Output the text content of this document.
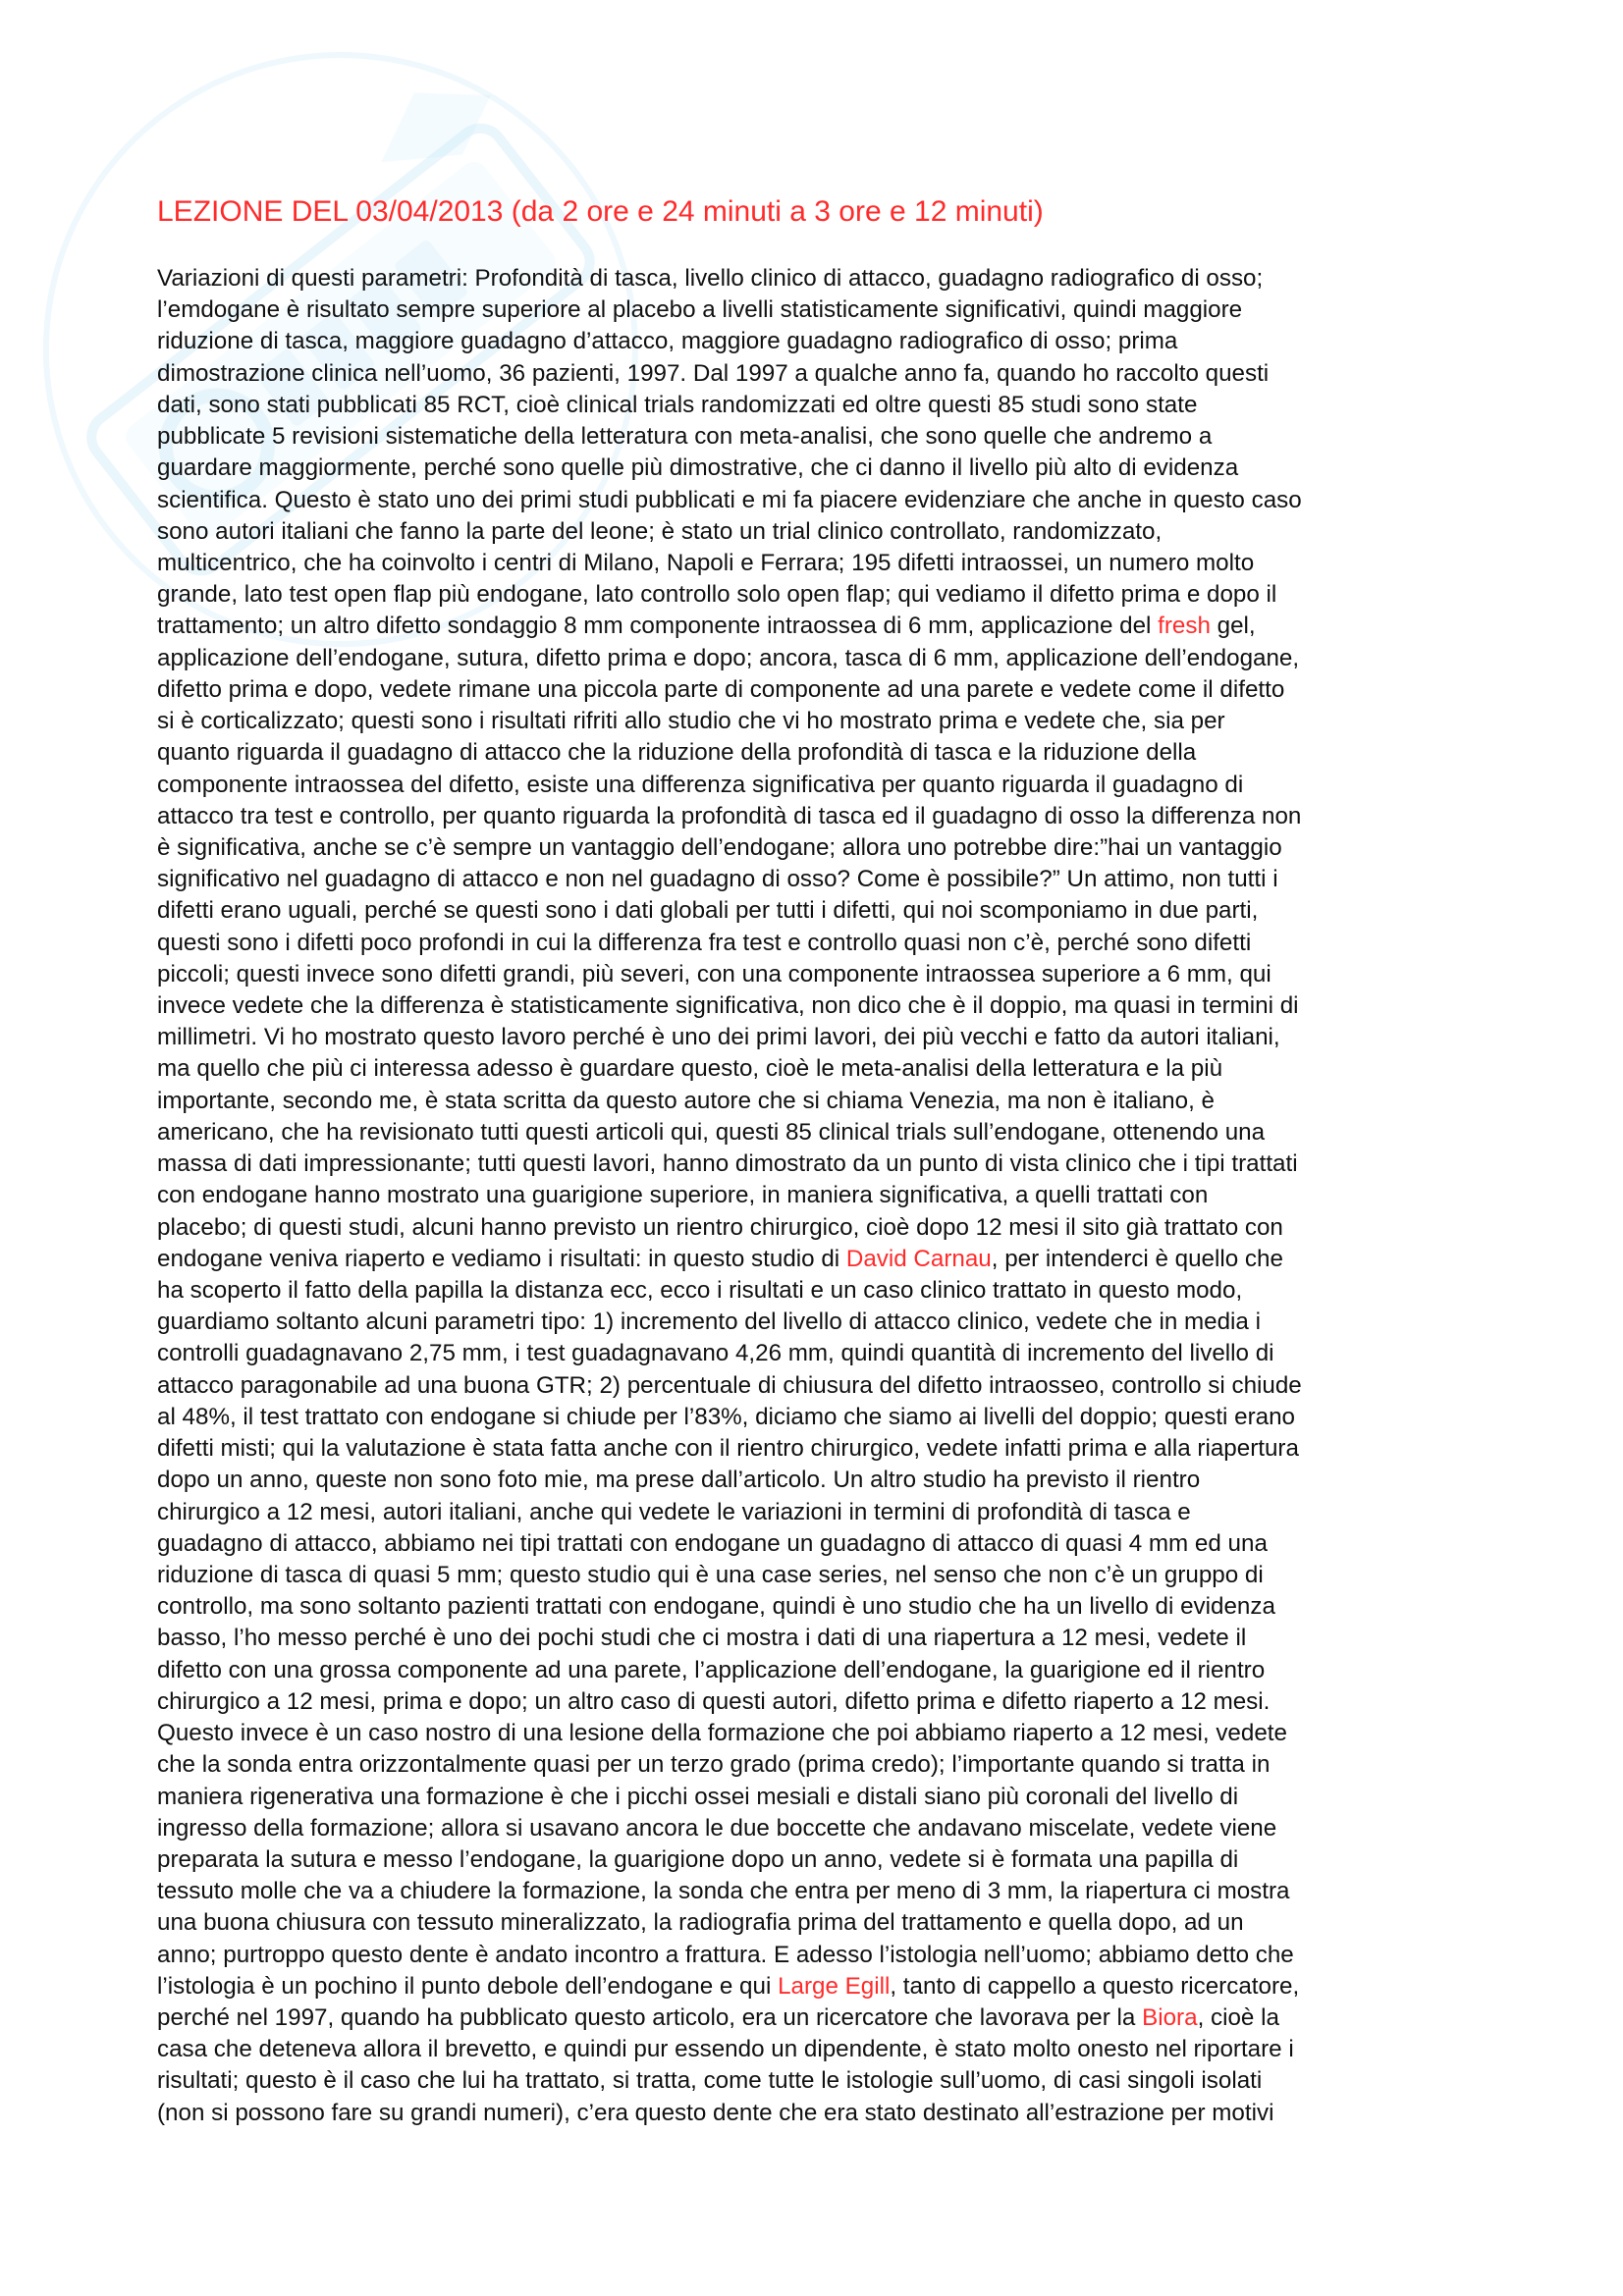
LEZIONE DEL 03/04/2013 (da 2 ore e 24 minuti a 3 ore e 12 minuti)
Variazioni di questi parametri: Profondità di tasca, livello clinico di attacco, guadagno radiografico di osso;
l’emdogane è risultato sempre superiore al placebo a livelli statisticamente significativi, quindi maggiore
riduzione di tasca, maggiore guadagno d’attacco, maggiore guadagno radiografico di osso; prima
dimostrazione clinica nell’uomo, 36 pazienti, 1997. Dal 1997 a qualche anno fa, quando ho raccolto questi
dati, sono stati pubblicati 85 RCT, cioè clinical trials randomizzati ed oltre questi 85 studi sono state
pubblicate 5 revisioni sistematiche della letteratura con meta-analisi, che sono quelle che andremo a
guardare maggiormente, perché sono quelle più dimostrative, che ci danno il livello più alto di evidenza
scientifica. Questo è stato uno dei primi studi pubblicati e mi fa piacere evidenziare che anche in questo caso
sono autori italiani che fanno la parte del leone; è stato un trial clinico controllato, randomizzato,
multicentrico, che ha coinvolto i centri di Milano, Napoli e Ferrara; 195 difetti intraossei, un numero molto
grande, lato test open flap più endogane, lato controllo solo open flap; qui vediamo il difetto prima e dopo il
trattamento; un altro difetto sondaggio 8 mm componente intraossea di 6 mm, applicazione del fresh gel,
applicazione dell’endogane, sutura, difetto prima e dopo; ancora, tasca di 6 mm, applicazione dell’endogane,
difetto prima e dopo, vedete rimane una piccola parte di componente ad una parete e vedete come il difetto
si è corticalizzato; questi sono i risultati rifriti allo studio che vi ho mostrato prima e vedete che, sia per
quanto riguarda il guadagno di attacco che la riduzione della profondità di tasca e la riduzione della
componente intraossea del difetto, esiste una differenza significativa per quanto riguarda il guadagno di
attacco tra test e controllo, per quanto riguarda la profondità di tasca ed il guadagno di osso la differenza non
è significativa, anche se c’è sempre un vantaggio dell’endogane; allora uno potrebbe dire:”hai un vantaggio
significativo nel guadagno di attacco e non nel guadagno di osso? Come è possibile?” Un attimo, non tutti i
difetti erano uguali, perché se questi sono i dati globali per tutti i difetti, qui noi scomponiamo in due parti,
questi sono i difetti poco profondi in cui la differenza fra test e controllo quasi non c’è, perché sono difetti
piccoli; questi invece sono difetti grandi, più severi, con una componente intraossea superiore a 6 mm, qui
invece vedete che la differenza è statisticamente significativa, non dico che è il doppio, ma quasi in termini di
millimetri. Vi ho mostrato questo lavoro perché è uno dei primi lavori, dei più vecchi e fatto da autori italiani,
ma quello che più ci interessa adesso è guardare questo, cioè le meta-analisi della letteratura e la più
importante, secondo me, è stata scritta da questo autore che si chiama Venezia, ma non è italiano, è
americano, che ha revisionato tutti questi articoli qui, questi 85 clinical trials sull’endogane, ottenendo una
massa di dati impressionante; tutti questi lavori, hanno dimostrato da un punto di vista clinico che i tipi trattati
con endogane hanno mostrato una guarigione superiore, in maniera significativa, a quelli trattati con
placebo; di questi studi, alcuni hanno previsto un rientro chirurgico, cioè dopo 12 mesi il sito già trattato con
endogane veniva riaperto e vediamo i risultati: in questo studio di David Carnau, per intenderci è quello che
ha scoperto il fatto della papilla la distanza ecc, ecco i risultati e un caso clinico trattato in questo modo,
guardiamo soltanto alcuni parametri tipo: 1) incremento del livello di attacco clinico, vedete che in media i
controlli guadagnavano 2,75 mm, i test guadagnavano 4,26 mm, quindi quantità di incremento del livello di
attacco paragonabile ad una buona GTR; 2) percentuale di chiusura del difetto intraosseo, controllo si chiude
al 48%, il test trattato con endogane si chiude per l’83%, diciamo che siamo ai livelli del doppio; questi erano
difetti misti; qui la valutazione è stata fatta anche con il rientro chirurgico, vedete infatti prima e alla riapertura
dopo un anno, queste non sono foto mie, ma prese dall’articolo. Un altro studio ha previsto il rientro
chirurgico a 12 mesi, autori italiani, anche qui vedete le variazioni in termini di profondità di tasca e
guadagno di attacco, abbiamo nei tipi trattati con endogane un guadagno di attacco di quasi 4 mm ed una
riduzione di tasca di quasi 5 mm; questo studio qui è una case series, nel senso che non c’è un gruppo di
controllo, ma sono soltanto pazienti trattati con endogane, quindi è uno studio che ha un livello di evidenza
basso, l’ho messo perché è uno dei pochi studi che ci mostra i dati di una riapertura a 12 mesi, vedete il
difetto con una grossa componente ad una parete, l’applicazione dell’endogane, la guarigione ed il rientro
chirurgico a 12 mesi, prima e dopo; un altro caso di questi autori, difetto prima e difetto riaperto a 12 mesi.
Questo invece è un caso nostro di una lesione della formazione che poi abbiamo riaperto a 12 mesi, vedete
che la sonda entra orizzontalmente quasi per un terzo grado (prima credo); l’importante quando si tratta in
maniera rigenerativa una formazione è che i picchi ossei mesiali e distali siano più coronali del livello di
ingresso della formazione; allora si usavano ancora le due boccette che andavano miscelate, vedete viene
preparata la sutura e messo l’endogane, la guarigione dopo un anno, vedete si è formata una papilla di
tessuto molle che va a chiudere la formazione, la sonda che entra per meno di 3 mm, la riapertura ci mostra
una buona chiusura con tessuto mineralizzato, la radiografia prima del trattamento e quella dopo, ad un
anno; purtroppo questo dente è andato incontro a frattura. E adesso l’istologia nell’uomo; abbiamo detto che
l’istologia è un pochino il punto debole dell’endogane e qui Large Egill, tanto di cappello a questo ricercatore,
perché nel 1997, quando ha pubblicato questo articolo, era un ricercatore che lavorava per la Biora, cioè la
casa che deteneva allora il brevetto, e quindi pur essendo un dipendente, è stato molto onesto nel riportare i
risultati; questo è il caso che lui ha trattato, si tratta, come tutte le istologie sull’uomo, di casi singoli isolati
(non si possono fare su grandi numeri), c’era questo dente che era stato destinato all’estrazione per motivi
